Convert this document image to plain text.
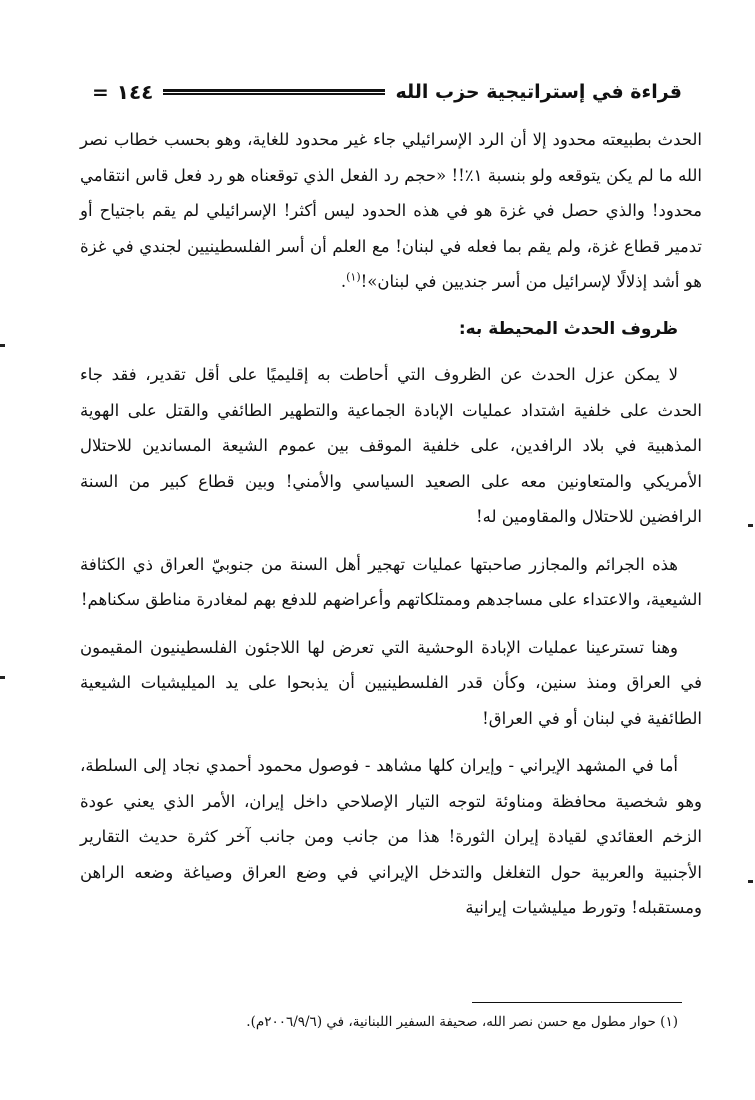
قراءة في إستراتيجية حزب الله
١٤٤
=

الحدث بطبيعته محدود إلا أن الرد الإسرائيلي جاء غير محدود للغاية، وهو بحسب خطاب نصر الله ما لم يكن يتوقعه ولو بنسبة ١٪!! «حجم رد الفعل الذي توقعناه هو رد فعل قاس انتقامي محدود! والذي حصل في غزة هو في هذه الحدود ليس أكثر! الإسرائيلي لم يقم باجتياح أو تدمير قطاع غزة، ولم يقم بما فعله في لبنان! مع العلم أن أسر الفلسطينيين لجندي في غزة هو أشد إذلالًا لإسرائيل من أسر جنديين في لبنان»!$^{(١)}$.

ظروف الحدث المحيطة به:

لا يمكن عزل الحدث عن الظروف التي أحاطت به إقليميًا على أقل تقدير، فقد جاء الحدث على خلفية اشتداد عمليات الإبادة الجماعية والتطهير الطائفي والقتل على الهوية المذهبية في بلاد الرافدين، على خلفية الموقف بين عموم الشيعة المساندين للاحتلال الأمريكي والمتعاونين معه على الصعيد السياسي والأمني! وبين قطاع كبير من السنة الرافضين للاحتلال والمقاومين له!

هذه الجرائم والمجازر صاحبتها عمليات تهجير أهل السنة من جنوبيّ العراق ذي الكثافة الشيعية، والاعتداء على مساجدهم وممتلكاتهم وأعراضهم للدفع بهم لمغادرة مناطق سكناهم!

وهنا تسترعينا عمليات الإبادة الوحشية التي تعرض لها اللاجئون الفلسطينيون المقيمون في العراق ومنذ سنين، وكأن قدر الفلسطينيين أن يذبحوا على يد الميليشيات الشيعية الطائفية في لبنان أو في العراق!

أما في المشهد الإيراني - وإيران كلها مشاهد - فوصول محمود أحمدي نجاد إلى السلطة، وهو شخصية محافظة ومناوئة لتوجه التيار الإصلاحي داخل إيران، الأمر الذي يعني عودة الزخم العقائدي لقيادة إيران الثورة! هذا من جانب ومن جانب آخر كثرة حديث التقارير الأجنبية والعربية حول التغلغل والتدخل الإيراني في وضع العراق وصياغة وضعه الراهن ومستقبله! وتورط ميليشيات إيرانية

(١) حوار مطول مع حسن نصر الله، صحيفة السفير اللبنانية، في (٢٠٠٦/٩/٦م).
